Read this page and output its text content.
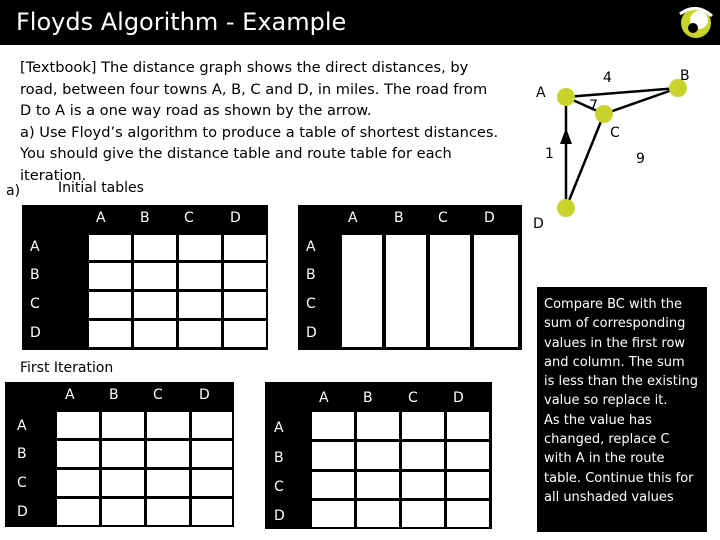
Floyds Algorithm - Example
[Textbook] The distance graph shows the direct distances, by
road, between four towns A, B, C and D, in miles. The road from
D to A is a one way road as shown by the arrow.
a) Use Floyd’s algorithm to produce a table of shortest distances.
You should give the distance table and route table for each
iteration.
a)	Initial tables
First Iteration
A B C	D
A
B
C
D
A	B C	D
A
B
C
D
A B C	D
A
B
C
D
A B	C	D
A
B
C
D
A
B
C
D
4
7
1	9
Compare BC with the
sum of corresponding
values in the first row
and column. The sum
is less than the existing
value so replace it.
As the value has
changed, replace C
with A in the route
table. Continue this for
all unshaded values
